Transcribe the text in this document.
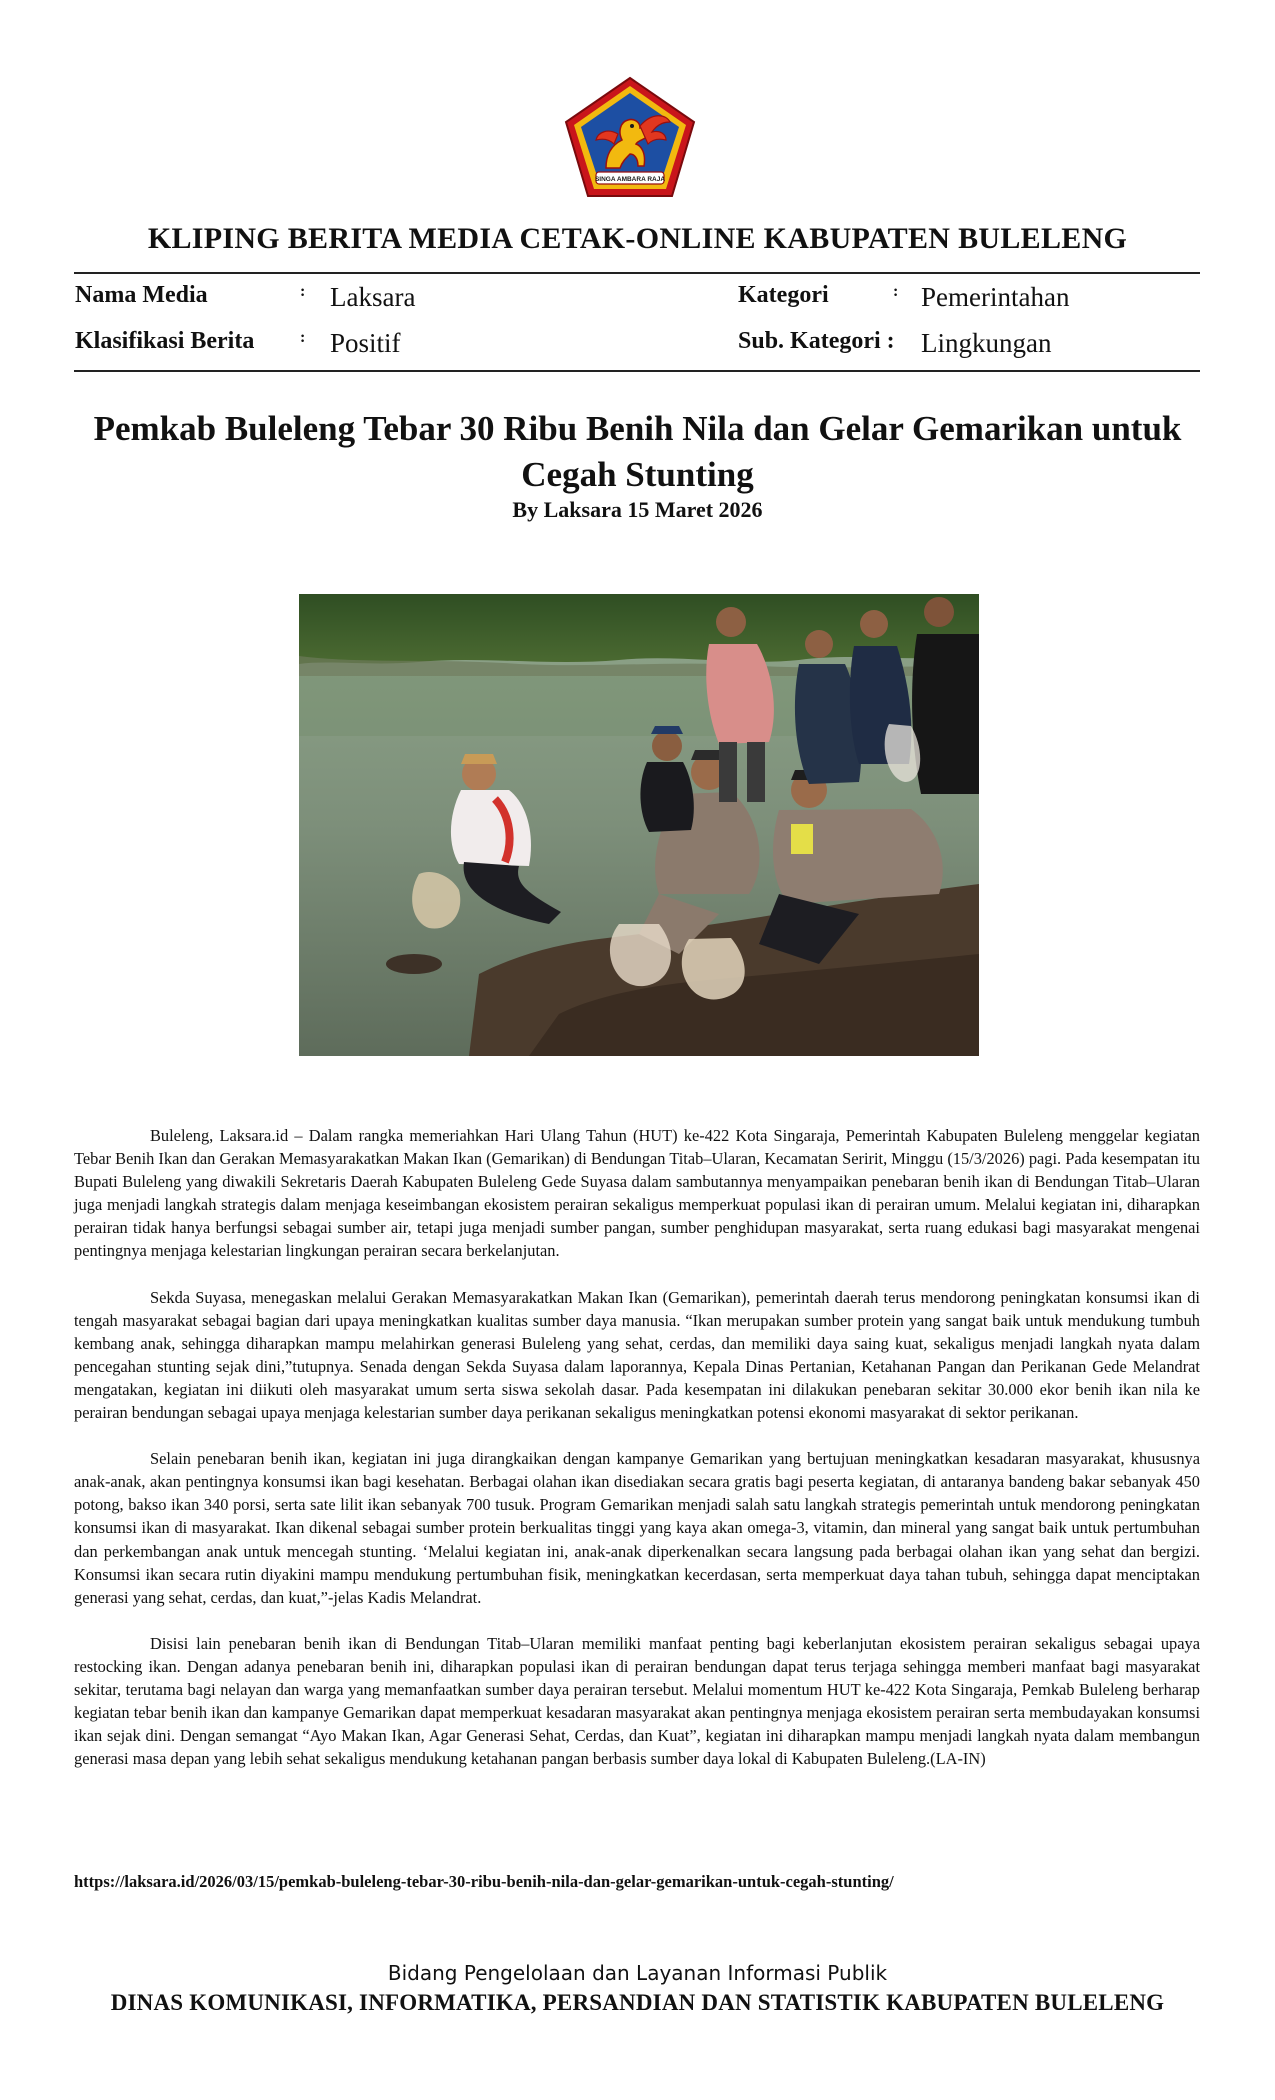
SINGA AMBARA RAJA
KLIPING BERITA MEDIA CETAK-ONLINE KABUPATEN BULELENG
Nama Media	: Laksara	Kategori	: Pemerintahan
Klasifikasi Berita	: Positif	Sub. Kategori : Lingkungan
Pemkab Buleleng Tebar 30 Ribu Benih Nila dan Gelar Gemarikan untuk Cegah Stunting
By Laksara 15 Maret 2026

Buleleng, Laksara.id – Dalam rangka memeriahkan Hari Ulang Tahun (HUT) ke-422 Kota Singaraja, Pemerintah Kabupaten Buleleng menggelar kegiatan Tebar Benih Ikan dan Gerakan Memasyarakatkan Makan Ikan (Gemarikan) di Bendungan Titab–Ularan, Kecamatan Seririt, Minggu (15/3/2026) pagi. Pada kesempatan itu Bupati Buleleng yang diwakili Sekretaris Daerah Kabupaten Buleleng Gede Suyasa dalam sambutannya menyampaikan penebaran benih ikan di Bendungan Titab–Ularan juga menjadi langkah strategis dalam menjaga keseimbangan ekosistem perairan sekaligus memperkuat populasi ikan di perairan umum. Melalui kegiatan ini, diharapkan perairan tidak hanya berfungsi sebagai sumber air, tetapi juga menjadi sumber pangan, sumber penghidupan masyarakat, serta ruang edukasi bagi masyarakat mengenai pentingnya menjaga kelestarian lingkungan perairan secara berkelanjutan.

Sekda Suyasa, menegaskan melalui Gerakan Memasyarakatkan Makan Ikan (Gemarikan), pemerintah daerah terus mendorong peningkatan konsumsi ikan di tengah masyarakat sebagai bagian dari upaya meningkatkan kualitas sumber daya manusia. “Ikan merupakan sumber protein yang sangat baik untuk mendukung tumbuh kembang anak, sehingga diharapkan mampu melahirkan generasi Buleleng yang sehat, cerdas, dan memiliki daya saing kuat, sekaligus menjadi langkah nyata dalam pencegahan stunting sejak dini,”tutupnya. Senada dengan Sekda Suyasa dalam laporannya, Kepala Dinas Pertanian, Ketahanan Pangan dan Perikanan Gede Melandrat mengatakan, kegiatan ini diikuti oleh masyarakat umum serta siswa sekolah dasar. Pada kesempatan ini dilakukan penebaran sekitar 30.000 ekor benih ikan nila ke perairan bendungan sebagai upaya menjaga kelestarian sumber daya perikanan sekaligus meningkatkan potensi ekonomi masyarakat di sektor perikanan.

Selain penebaran benih ikan, kegiatan ini juga dirangkaikan dengan kampanye Gemarikan yang bertujuan meningkatkan kesadaran masyarakat, khususnya anak-anak, akan pentingnya konsumsi ikan bagi kesehatan. Berbagai olahan ikan disediakan secara gratis bagi peserta kegiatan, di antaranya bandeng bakar sebanyak 450 potong, bakso ikan 340 porsi, serta sate lilit ikan sebanyak 700 tusuk. Program Gemarikan menjadi salah satu langkah strategis pemerintah untuk mendorong peningkatan konsumsi ikan di masyarakat. Ikan dikenal sebagai sumber protein berkualitas tinggi yang kaya akan omega-3, vitamin, dan mineral yang sangat baik untuk pertumbuhan dan perkembangan anak untuk mencegah stunting. ‘Melalui kegiatan ini, anak-anak diperkenalkan secara langsung pada berbagai olahan ikan yang sehat dan bergizi. Konsumsi ikan secara rutin diyakini mampu mendukung pertumbuhan fisik, meningkatkan kecerdasan, serta memperkuat daya tahan tubuh, sehingga dapat menciptakan generasi yang sehat, cerdas, dan kuat,”-jelas Kadis Melandrat.

Disisi lain penebaran benih ikan di Bendungan Titab–Ularan memiliki manfaat penting bagi keberlanjutan ekosistem perairan sekaligus sebagai upaya restocking ikan. Dengan adanya penebaran benih ini, diharapkan populasi ikan di perairan bendungan dapat terus terjaga sehingga memberi manfaat bagi masyarakat sekitar, terutama bagi nelayan dan warga yang memanfaatkan sumber daya perairan tersebut. Melalui momentum HUT ke-422 Kota Singaraja, Pemkab Buleleng berharap kegiatan tebar benih ikan dan kampanye Gemarikan dapat memperkuat kesadaran masyarakat akan pentingnya menjaga ekosistem perairan serta membudayakan konsumsi ikan sejak dini. Dengan semangat “Ayo Makan Ikan, Agar Generasi Sehat, Cerdas, dan Kuat”, kegiatan ini diharapkan mampu menjadi langkah nyata dalam membangun generasi masa depan yang lebih sehat sekaligus mendukung ketahanan pangan berbasis sumber daya lokal di Kabupaten Buleleng.(LA-IN)

https://laksara.id/2026/03/15/pemkab-buleleng-tebar-30-ribu-benih-nila-dan-gelar-gemarikan-untuk-cegah-stunting/
Bidang Pengelolaan dan Layanan Informasi Publik
DINAS KOMUNIKASI, INFORMATIKA, PERSANDIAN DAN STATISTIK KABUPATEN BULELENG
